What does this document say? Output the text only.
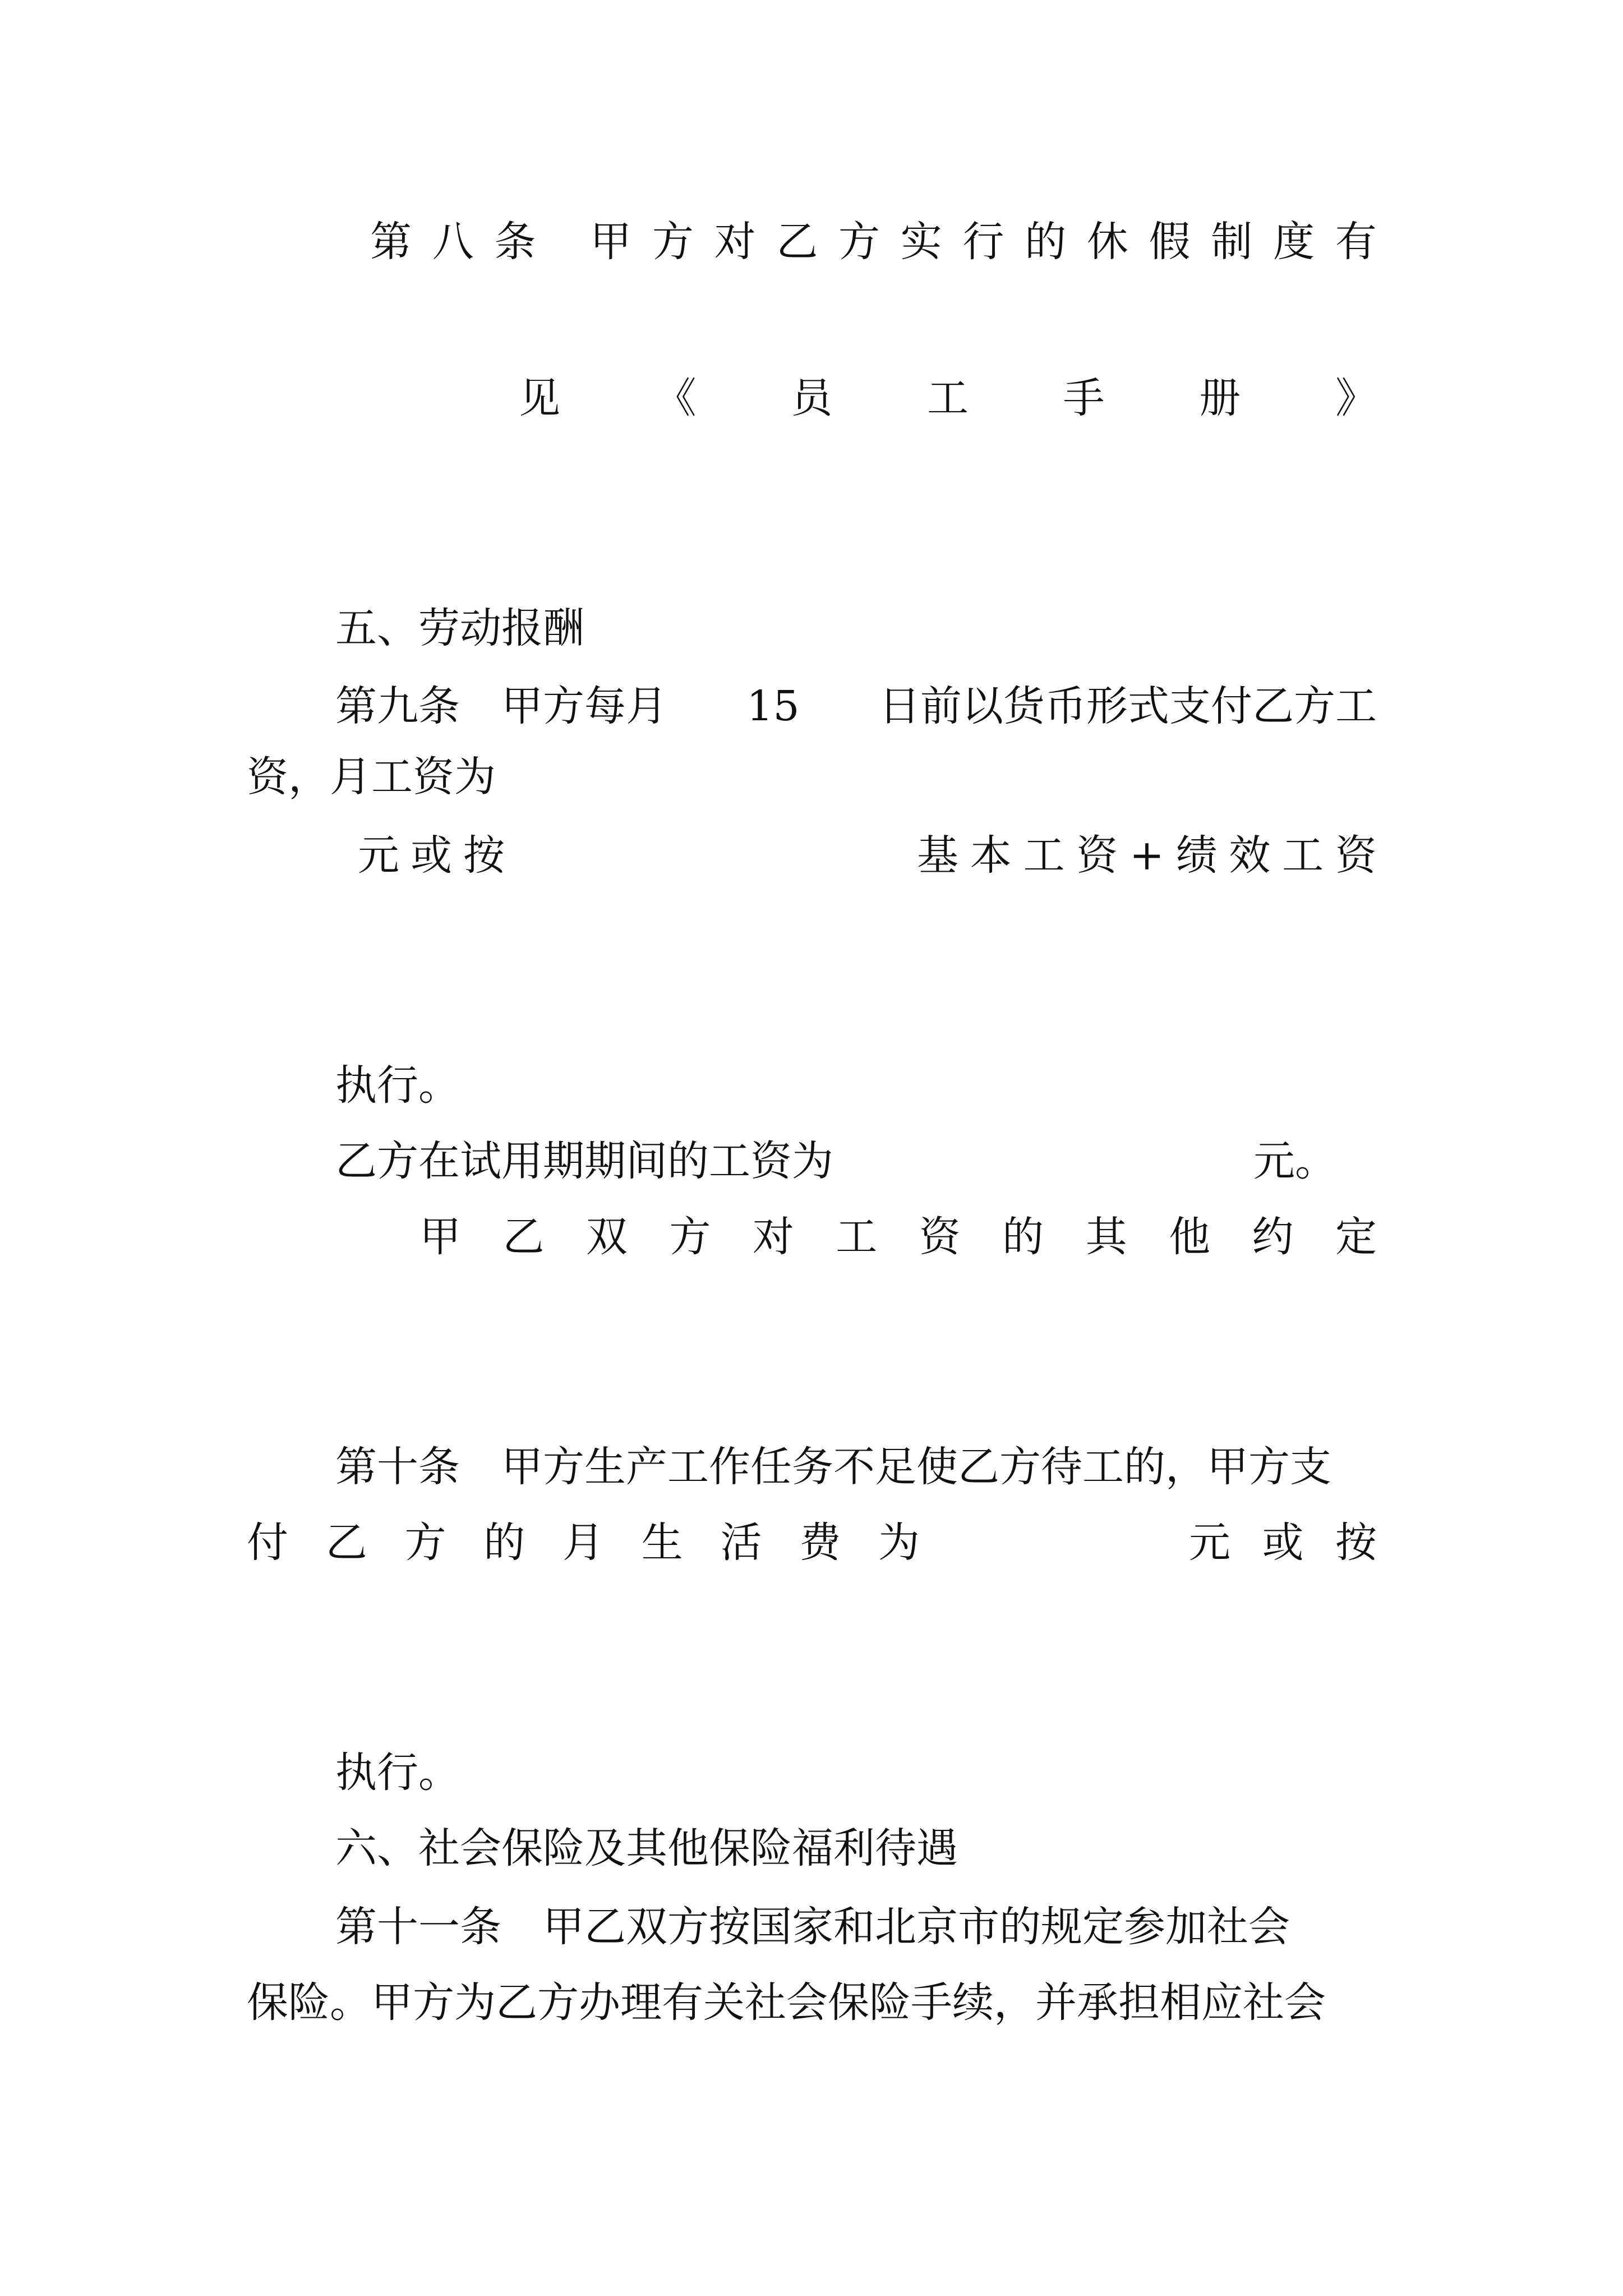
第 八 条 甲 方 对 乙 方 实 行 的 休 假 制 度 有
见 《 员 工 手 册 》
五、劳动报酬
第九条　甲方每月 15 日前以货币形式支付乙方工
资，月工资为
元 或 按	基 本 工 资 + 绩 效 工 资
执行。
乙方在试用期期间的工资为	元。
甲 乙 双 方 对 工 资 的 其 他 约 定
第十条　甲方生产工作任务不足使乙方待工的，甲方支
付 乙 方 的 月 生 活 费 为	元 或 按
执行。
六、社会保险及其他保险福利待遇
第十一条　甲乙双方按国家和北京市的规定参加社会
保险。甲方为乙方办理有关社会保险手续，并承担相应社会
